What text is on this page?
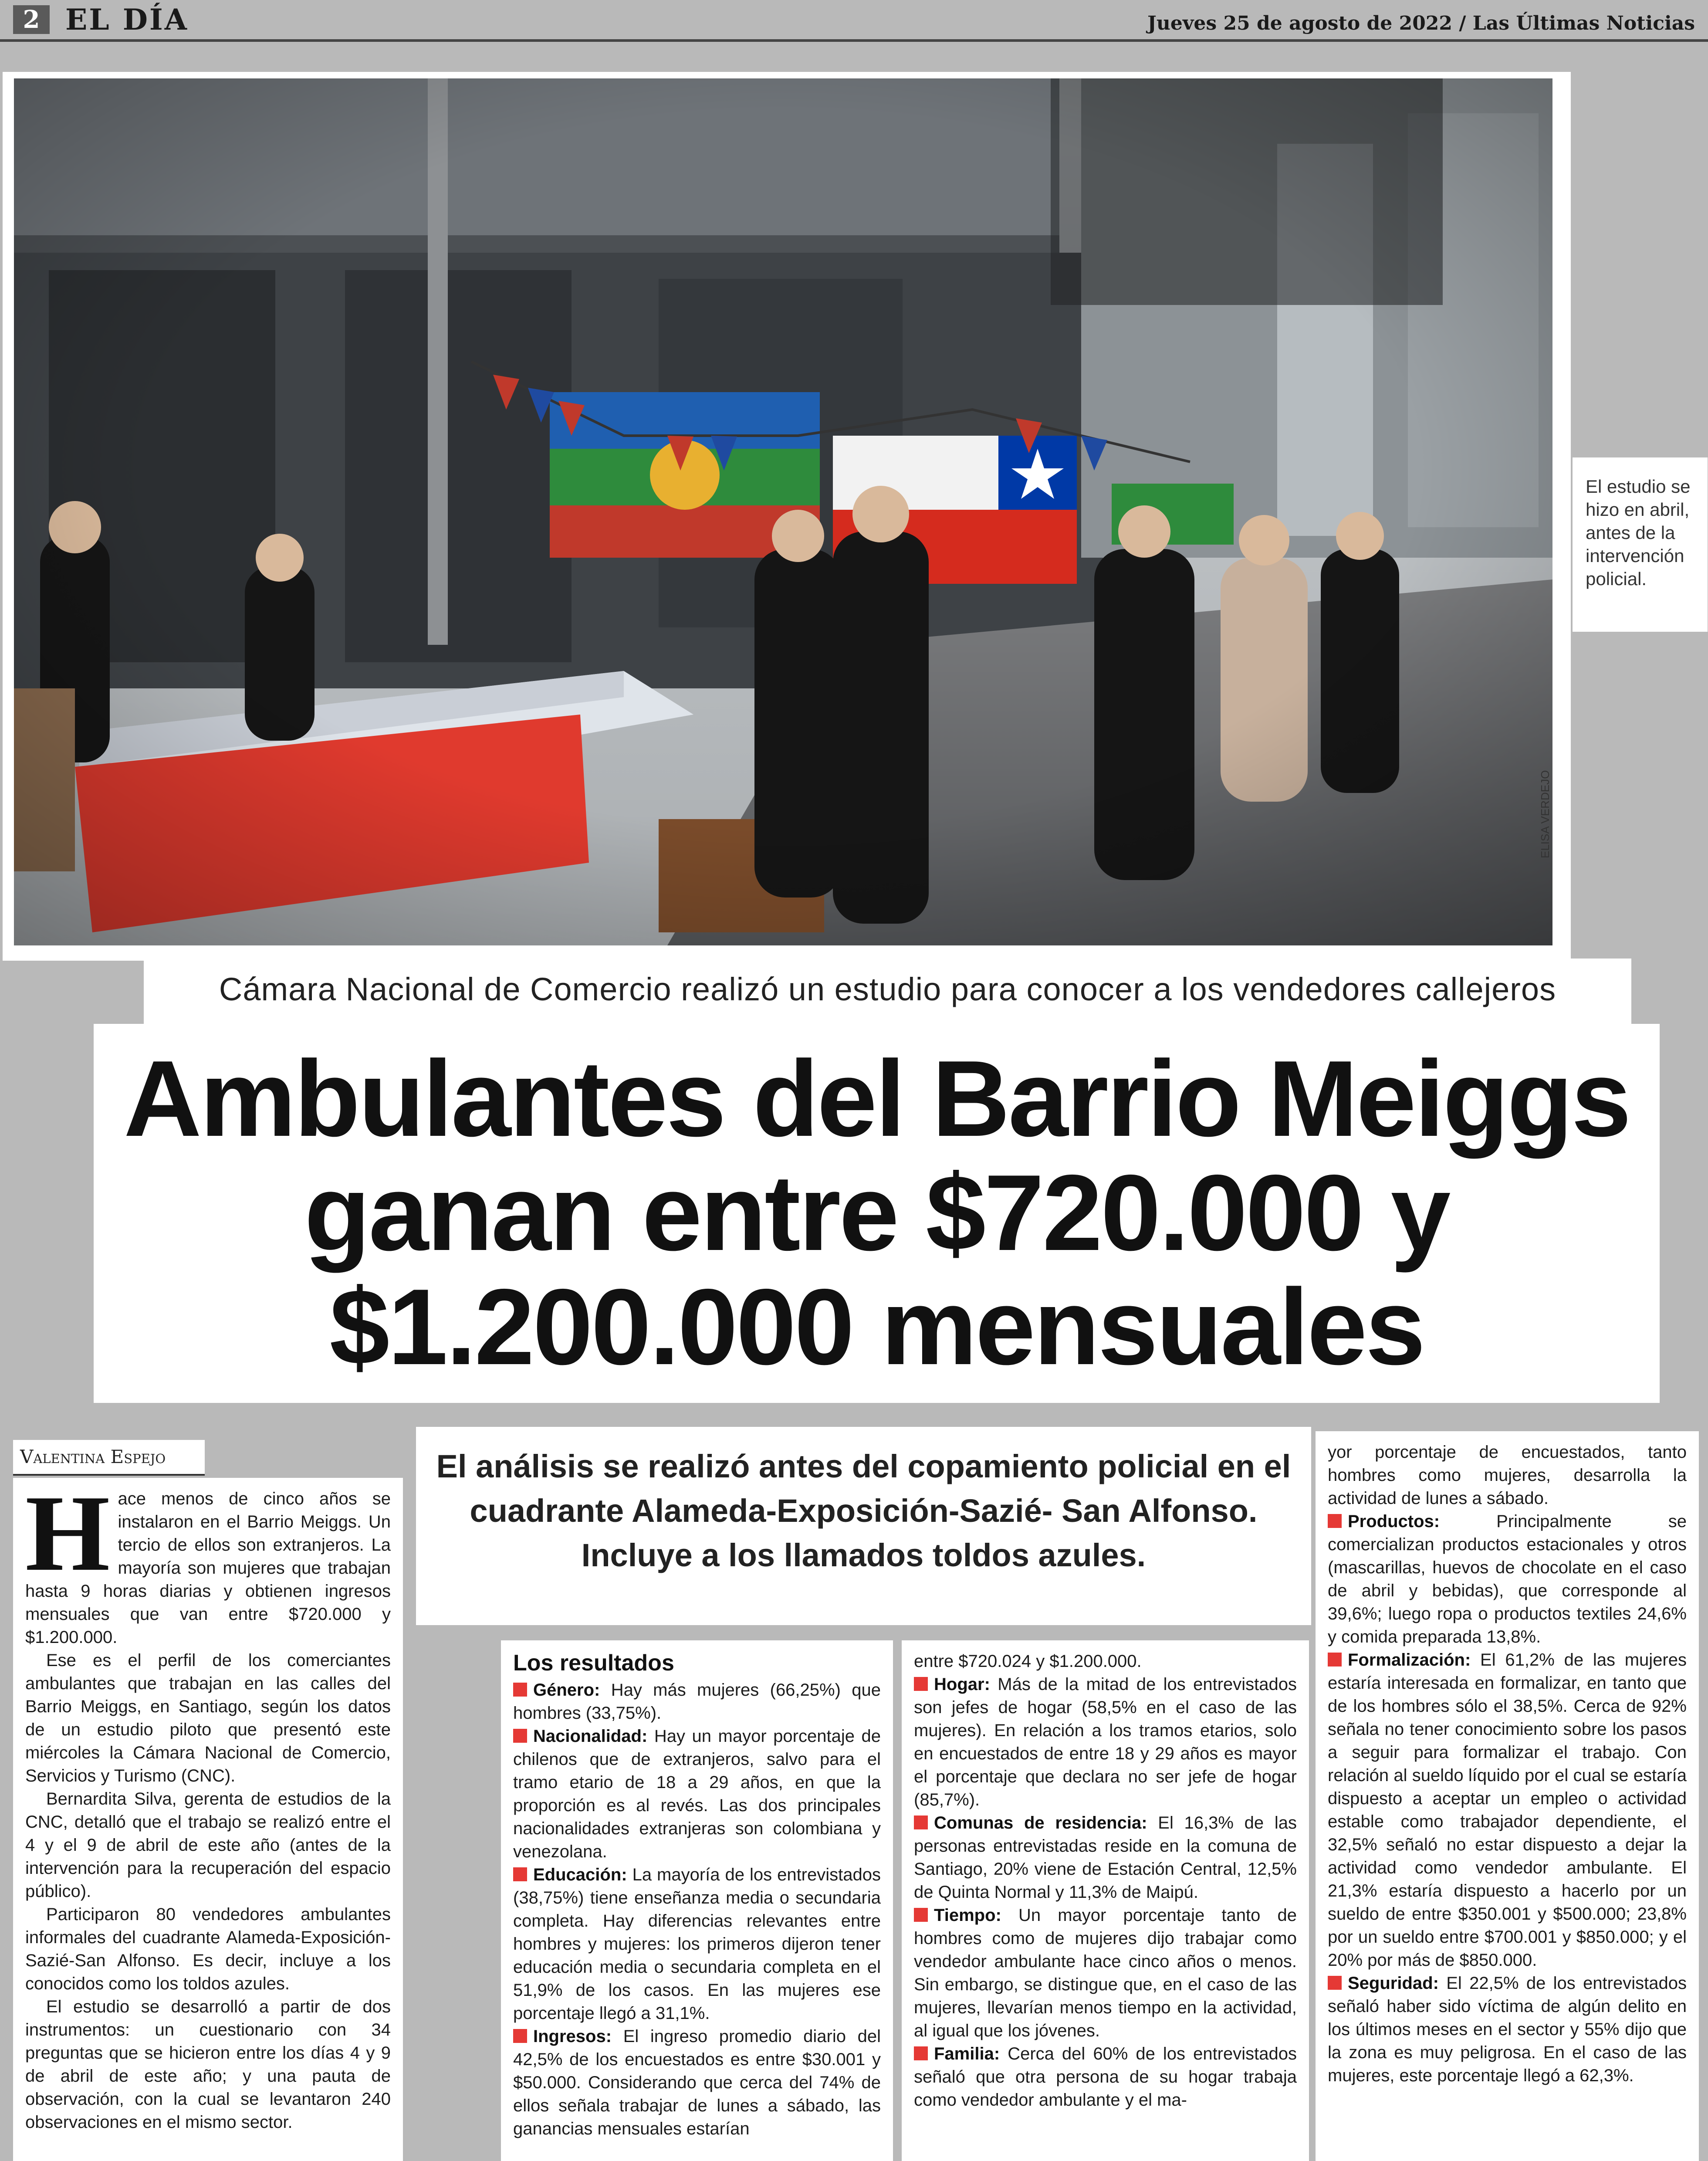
2 EL DÍA	Jueves 25 de agosto de 2022 / Las Últimas Noticias
ELISA VERDEJO
El estudio se hizo en abril, antes de la intervención policial.
Cámara Nacional de Comercio realizó un estudio para conocer a los vendedores callejeros
Ambulantes del Barrio Meiggs
ganan entre $720.000 y
$1.200.000 mensuales
Valentina Espejo
H ace menos de cinco años se instalaron en el Barrio Meiggs. Un tercio de ellos son extranjeros. La mayoría son mujeres que trabajan hasta 9 horas diarias y obtienen ingresos mensuales que van entre $720.000 y $1.200.000.

Ese es el perfil de los comerciantes ambulantes que trabajan en las calles del Barrio Meiggs, en Santiago, según los datos de un estudio piloto que presentó este miércoles la Cámara Nacional de Comercio, Servicios y Turismo (CNC).

Bernardita Silva, gerenta de estudios de la CNC, detalló que el trabajo se realizó entre el 4 y el 9 de abril de este año (antes de la intervención para la recuperación del espacio público).

Participaron 80 vendedores ambulantes informales del cuadrante Alameda-Exposición-Sazié-San Alfonso. Es decir, incluye a los conocidos como los toldos azules.

El estudio se desarrolló a partir de dos instrumentos: un cuestionario con 34 preguntas que se hicieron entre los días 4 y 9 de abril de este año; y una pauta de observación, con la cual se levantaron 240 observaciones en el mismo sector.

El análisis se realizó antes del copamiento policial en el cuadrante Alameda-Exposición-Sazié- San Alfonso. Incluye a los llamados toldos azules.
Los resultados

Género: Hay más mujeres (66,25%) que hombres (33,75%).

Nacionalidad: Hay un mayor porcentaje de chilenos que de extranjeros, salvo para el tramo etario de 18 a 29 años, en que la proporción es al revés. Las dos principales nacionalidades extranjeras son colombiana y venezolana.

Educación: La mayoría de los entrevistados (38,75%) tiene enseñanza media o secundaria completa. Hay diferencias relevantes entre hombres y mujeres: los primeros dijeron tener educación media o secundaria completa en el 51,9% de los casos. En las mujeres ese porcentaje llegó a 31,1%.

Ingresos: El ingreso promedio diario del 42,5% de los encuestados es entre $30.001 y $50.000. Considerando que cerca del 74% de ellos señala trabajar de lunes a sábado, las ganancias mensuales estarían

entre $720.024 y $1.200.000.

Hogar: Más de la mitad de los entrevistados son jefes de hogar (58,5% en el caso de las mujeres). En relación a los tramos etarios, solo en encuestados de entre 18 y 29 años es mayor el porcentaje que declara no ser jefe de hogar (85,7%).

Comunas de residencia: El 16,3% de las personas entrevistadas reside en la comuna de Santiago, 20% viene de Estación Central, 12,5% de Quinta Normal y 11,3% de Maipú.

Tiempo: Un mayor porcentaje tanto de hombres como de mujeres dijo trabajar como vendedor ambulante hace cinco años o menos. Sin embargo, se distingue que, en el caso de las mujeres, llevarían menos tiempo en la actividad, al igual que los jóvenes.

Familia: Cerca del 60% de los entrevistados señaló que otra persona de su hogar trabaja como vendedor ambulante y el ma-

yor porcentaje de encuestados, tanto hombres como mujeres, desarrolla la actividad de lunes a sábado.

Productos:	Principalmente se comercializan productos estacionales y otros (mascarillas, huevos de chocolate en el caso de abril y bebidas), que corresponde al 39,6%; luego ropa o productos textiles 24,6% y comida preparada 13,8%.

Formalización: El 61,2% de las mujeres estaría interesada en formalizar, en tanto que de los hombres sólo el 38,5%. Cerca de 92% señala no tener conocimiento sobre los pasos a seguir para formalizar el trabajo. Con relación al sueldo líquido por el cual se estaría dispuesto a aceptar un empleo o actividad estable como trabajador dependiente, el 32,5% señaló no estar dispuesto a dejar la actividad como vendedor ambulante. El 21,3% estaría dispuesto a hacerlo por un sueldo de entre $350.001 y $500.000; 23,8% por un sueldo entre $700.001 y $850.000; y el 20% por más de $850.000.

Seguridad: El 22,5% de los entrevistados señaló haber sido víctima de algún delito en los últimos meses en el sector y 55% dijo que la zona es muy peligrosa. En el caso de las mujeres, este porcentaje llegó a 62,3%.
